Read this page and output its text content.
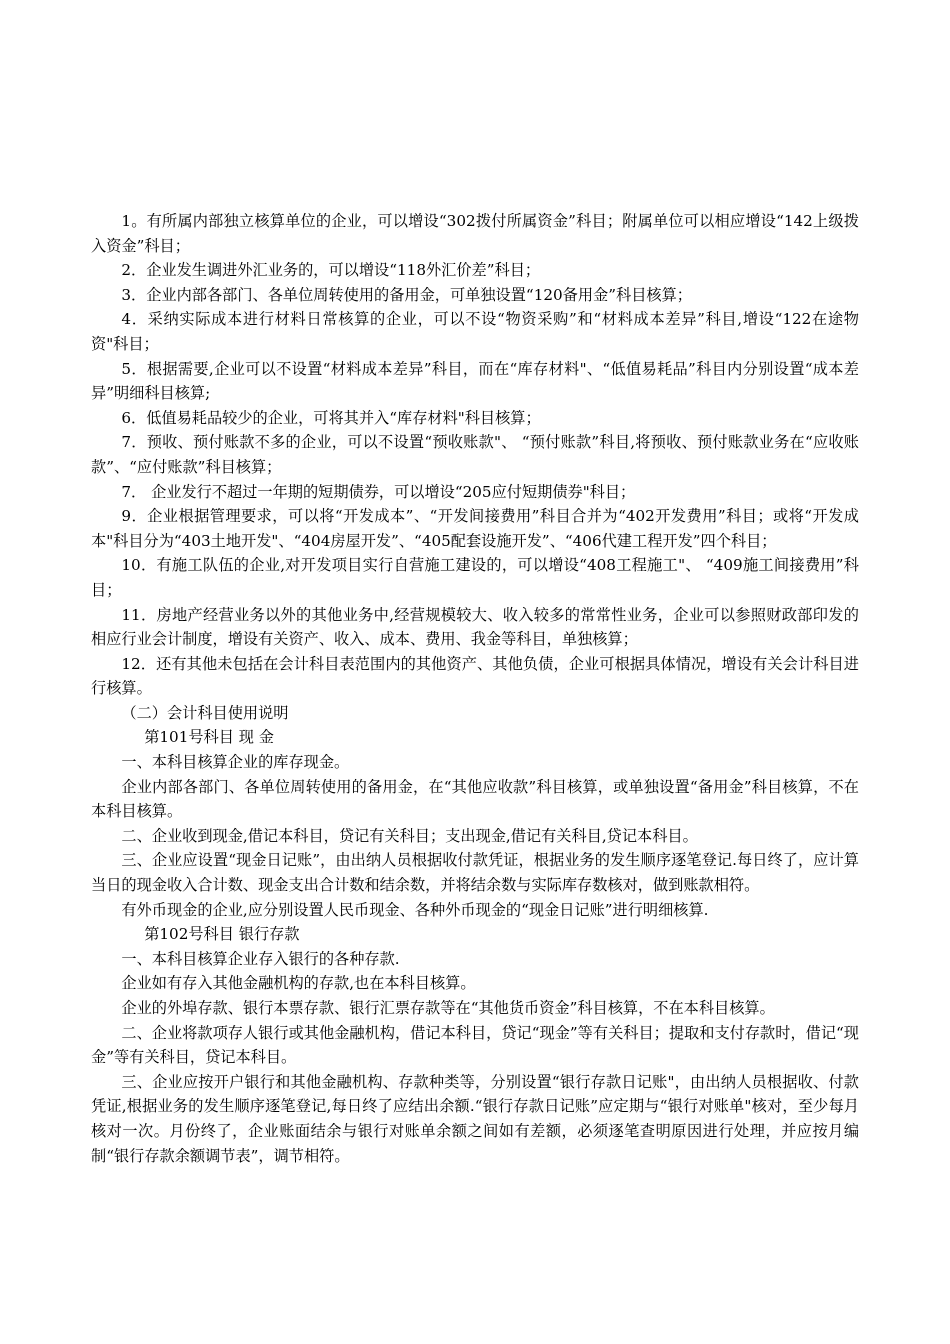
1。有所属内部独立核算单位的企业，可以增设“302拨付所属资金”科目；附属单位可以相应增设“142上级拨入资金”科目；

2．企业发生调进外汇业务的，可以增设“118外汇价差”科目；

3．企业内部各部门、各单位周转使用的备用金，可单独设置“120备用金”科目核算；

4．采纳实际成本进行材料日常核算的企业，可以不设“物资采购”和“材料成本差异”科目,增设“122在途物资"科目；

5．根据需要,企业可以不设置“材料成本差异”科目，而在“库存材料"、“低值易耗品”科目内分别设置“成本差异”明细科目核算;

6．低值易耗品较少的企业，可将其并入“库存材料"科目核算；

7．预收、预付账款不多的企业，可以不设置“预收账款"、 “预付账款”科目,将预收、预付账款业务在“应收账款”、“应付账款”科目核算；

7． 企业发行不超过一年期的短期债券，可以增设“205应付短期债券"科目；

9．企业根据管理要求，可以将“开发成本”、“开发间接费用”科目合并为“402开发费用”科目；或将“开发成本"科目分为“403土地开发"、“404房屋开发”、“405配套设施开发”、“406代建工程开发”四个科目；

10．有施工队伍的企业,对开发项目实行自营施工建设的，可以增设“408工程施工"、 “409施工间接费用”科目；

11．房地产经营业务以外的其他业务中,经营规模较大、收入较多的常常性业务，企业可以参照财政部印发的相应行业会计制度，增设有关资产、收入、成本、费用、我金等科目，单独核算；

12．还有其他未包括在会计科目表范围内的其他资产、其他负债，企业可根据具体情况，增设有关会计科目进行核算。

（二）会计科目使用说明

第101号科目 现 金

一、本科目核算企业的库存现金。

企业内部各部门、各单位周转使用的备用金，在“其他应收款”科目核算，或单独设置“备用金”科目核算，不在本科目核算。

二、企业收到现金,借记本科目，贷记有关科目；支出现金,借记有关科目,贷记本科目。

三、企业应设置“现金日记账”，由出纳人员根据收付款凭证，根据业务的发生顺序逐笔登记.每日终了，应计算当日的现金收入合计数、现金支出合计数和结余数，并将结余数与实际库存数核对，做到账款相符。

有外币现金的企业,应分别设置人民币现金、各种外币现金的“现金日记账”进行明细核算.

第102号科目 银行存款

一、本科目核算企业存入银行的各种存款.

企业如有存入其他金融机构的存款,也在本科目核算。

企业的外埠存款、银行本票存款、银行汇票存款等在“其他货币资金”科目核算，不在本科目核算。

二、企业将款项存人银行或其他金融机构，借记本科目，贷记“现金”等有关科目；提取和支付存款时，借记“现金”等有关科目，贷记本科目。

三、企业应按开户银行和其他金融机构、存款种类等，分别设置“银行存款日记账"，由出纳人员根据收、付款凭证,根据业务的发生顺序逐笔登记,每日终了应结出余额.“银行存款日记账”应定期与“银行对账单"核对，至少每月核对一次。月份终了，企业账面结余与银行对账单余额之间如有差额，必须逐笔查明原因进行处理，并应按月编制“银行存款余额调节表”，调节相符。
